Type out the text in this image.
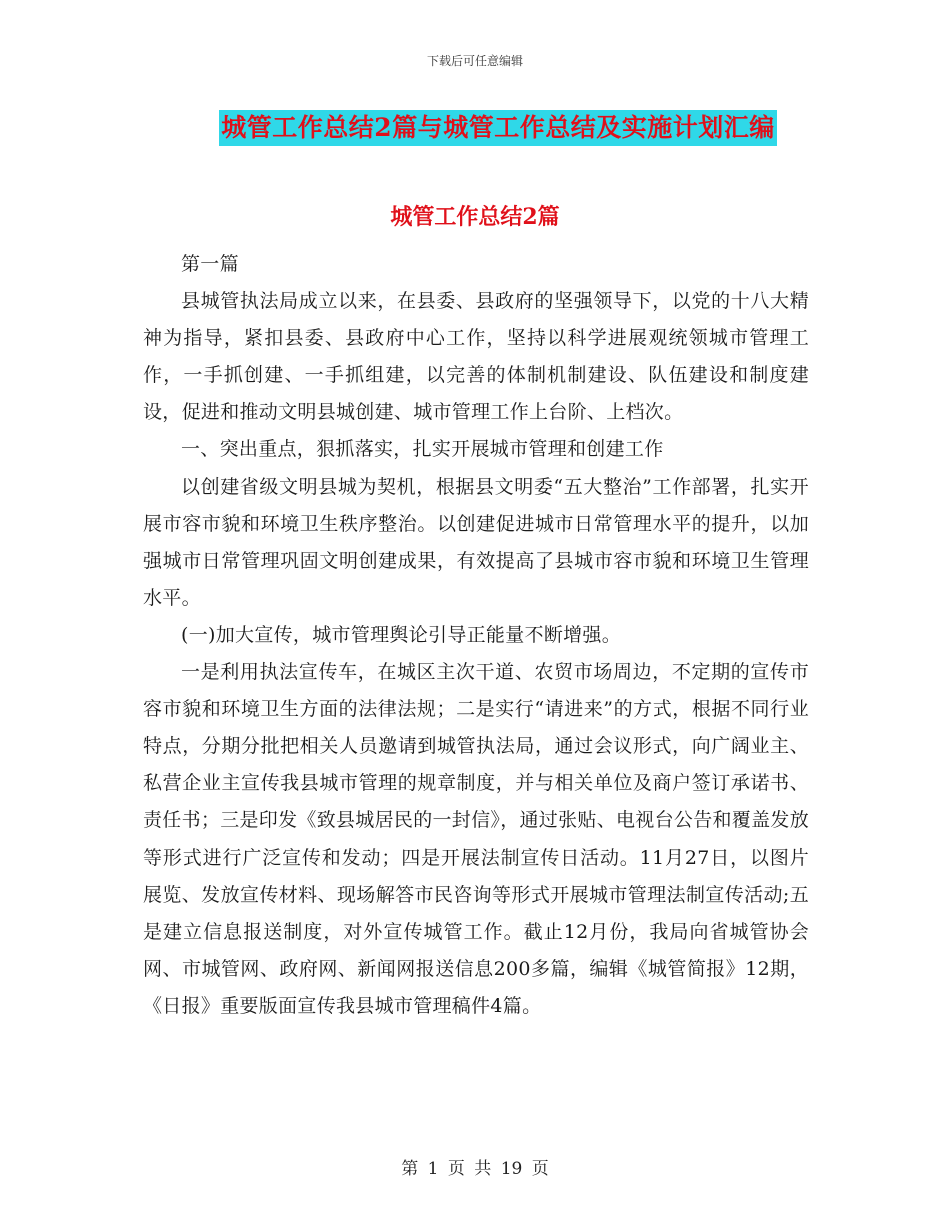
下载后可任意编辑
城管工作总结2篇与城管工作总结及实施计划汇编
城管工作总结2篇

第一篇

县城管执法局成立以来，在县委、县政府的坚强领导下，以党的十八大精神为指导，紧扣县委、县政府中心工作，坚持以科学进展观统领城市管理工作，一手抓创建、一手抓组建，以完善的体制机制建设、队伍建设和制度建设，促进和推动文明县城创建、城市管理工作上台阶、上档次。

一、突出重点，狠抓落实，扎实开展城市管理和创建工作

以创建省级文明县城为契机，根据县文明委“五大整治”工作部署，扎实开展市容市貌和环境卫生秩序整治。以创建促进城市日常管理水平的提升，以加强城市日常管理巩固文明创建成果，有效提高了县城市容市貌和环境卫生管理水平。

(一)加大宣传，城市管理舆论引导正能量不断增强。

一是利用执法宣传车，在城区主次干道、农贸市场周边，不定期的宣传市容市貌和环境卫生方面的法律法规；二是实行“请进来”的方式，根据不同行业特点，分期分批把相关人员邀请到城管执法局，通过会议形式，向广阔业主、私营企业主宣传我县城市管理的规章制度，并与相关单位及商户签订承诺书、责任书；三是印发《致县城居民的一封信》，通过张贴、电视台公告和覆盖发放等形式进行广泛宣传和发动；四是开展法制宣传日活动。11月27日，以图片展览、发放宣传材料、现场解答市民咨询等形式开展城市管理法制宣传活动;五是建立信息报送制度，对外宣传城管工作。截止12月份，我局向省城管协会网、市城管网、政府网、新闻网报送信息200多篇，编辑《城管简报》12期，《日报》重要版面宣传我县城市管理稿件4篇。

第 1 页 共 19 页
